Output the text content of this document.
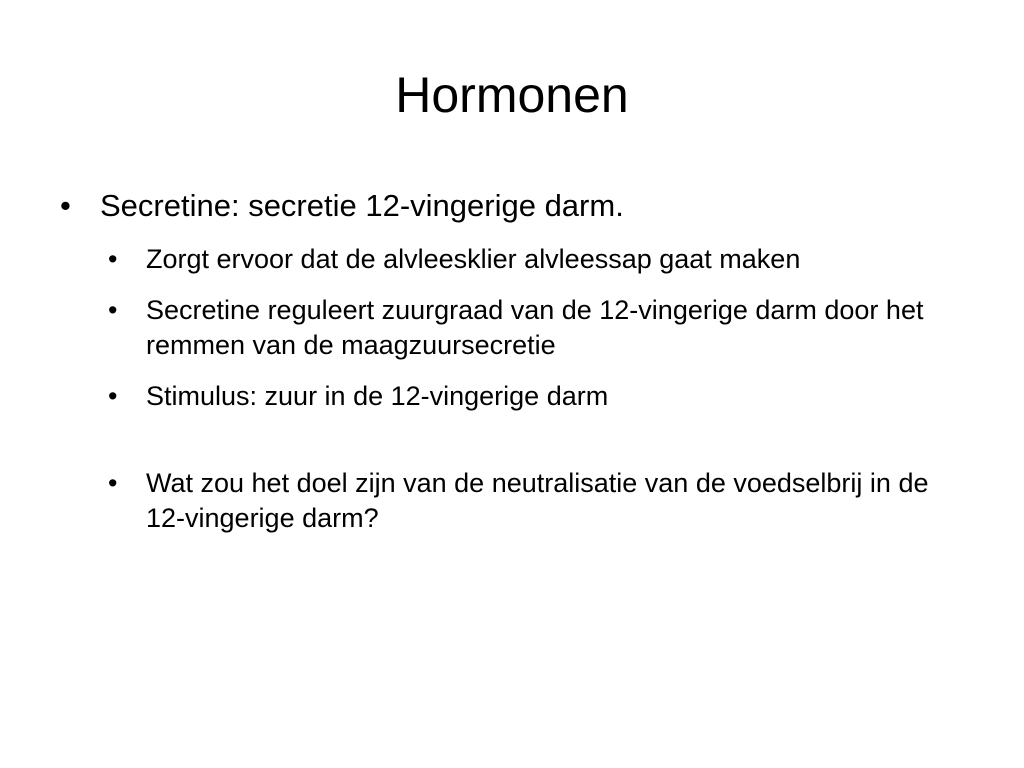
Hormonen
• Secretine: secretie 12-vingerige darm.
• Zorgt ervoor dat de alvleesklier alvleessap gaat maken
• Secretine reguleert zuurgraad van de 12-vingerige darm door het remmen van de maagzuursecretie
• Stimulus: zuur in de 12-vingerige darm
• Wat zou het doel zijn van de neutralisatie van de voedselbrij in de 12-vingerige darm?
